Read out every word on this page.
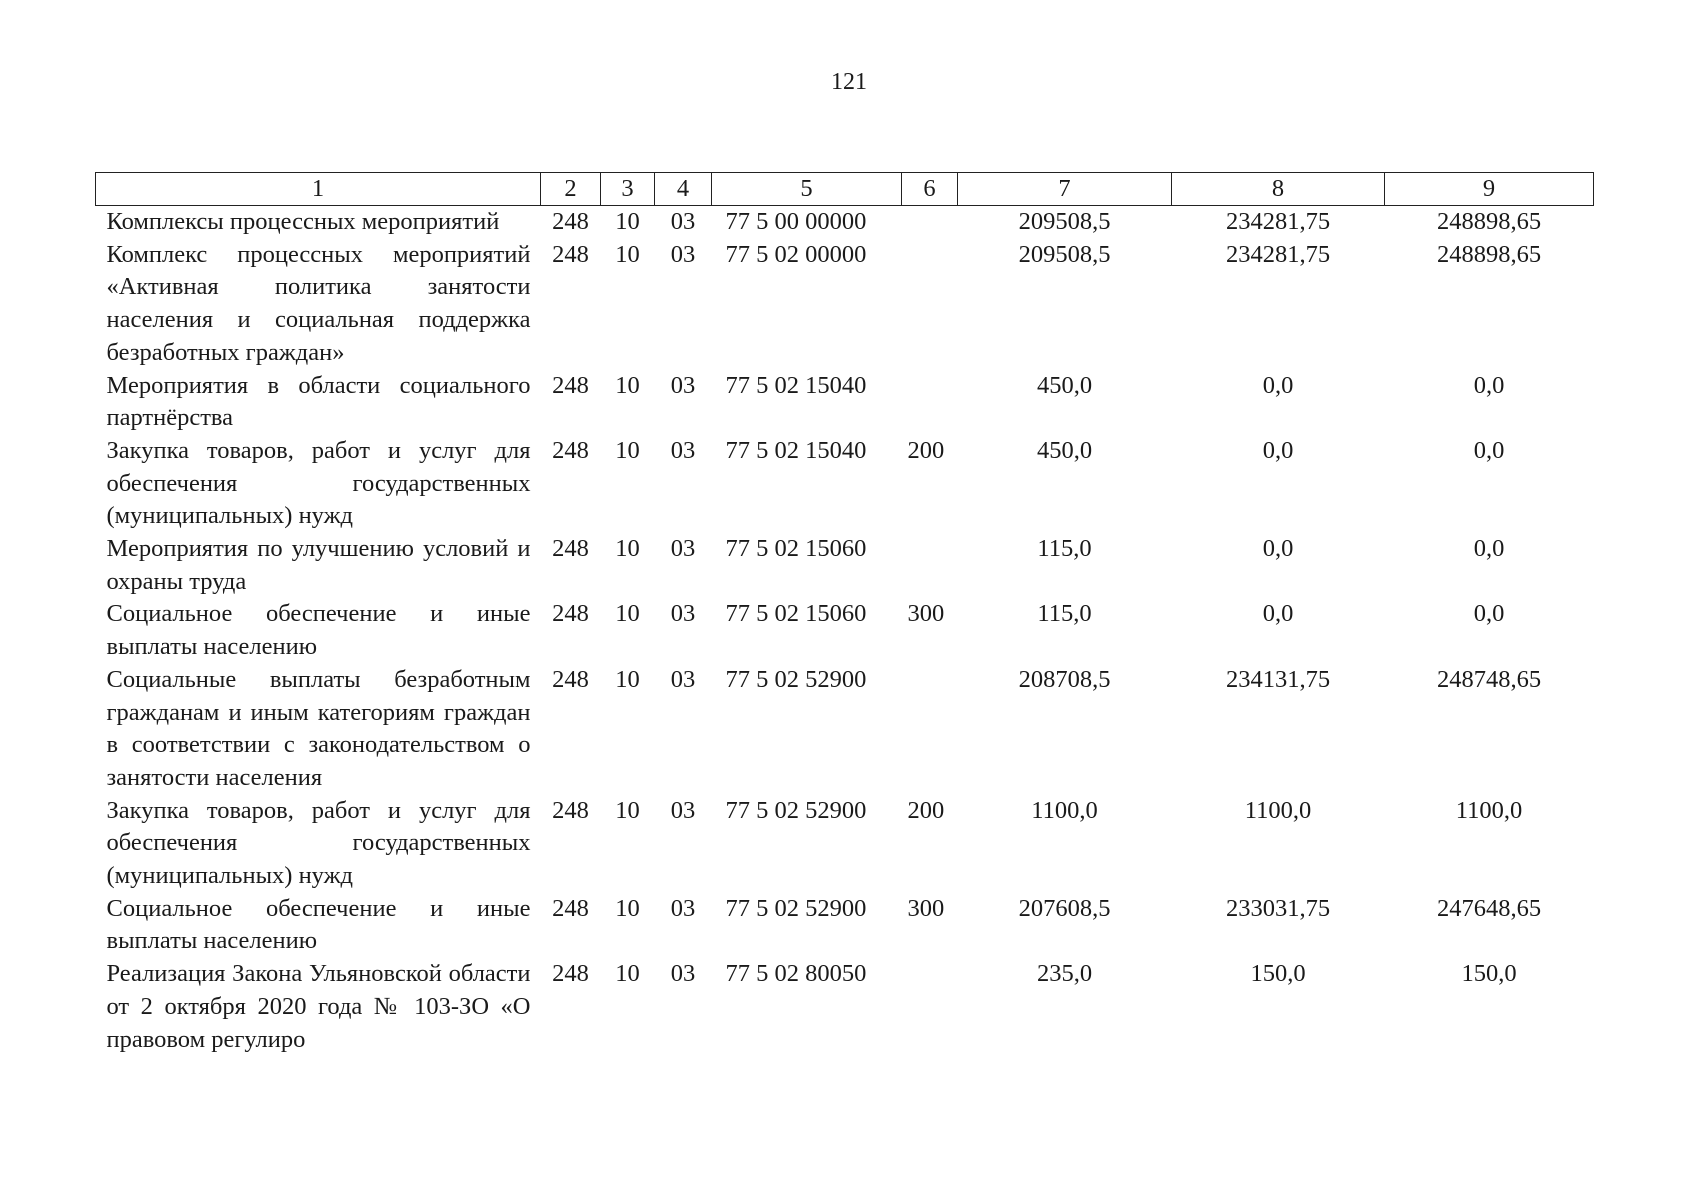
121
1	2	3	4	5	6	7	8	9
Комплексы процессных мероприятий	248	10	03	77 5 00 00000		209508,5	234281,75	248898,65
Комплекс процессных мероприятий «Активная политика занятости населения и социальная поддержка безработных граждан»	248	10	03	77 5 02 00000		209508,5	234281,75	248898,65
Мероприятия в области социального партнёрства	248	10	03	77 5 02 15040		450,0	0,0	0,0
Закупка товаров, работ и услуг для обеспечения государственных (муниципальных) нужд	248	10	03	77 5 02 15040	200	450,0	0,0	0,0
Мероприятия по улучшению условий и охраны труда	248	10	03	77 5 02 15060		115,0	0,0	0,0
Социальное обеспечение и иные выплаты населению	248	10	03	77 5 02 15060	300	115,0	0,0	0,0
Социальные выплаты безработным гражданам и иным категориям граждан в соответствии с законодательством о занятости населения	248	10	03	77 5 02 52900		208708,5	234131,75	248748,65
Закупка товаров, работ и услуг для обеспечения государственных (муниципальных) нужд	248	10	03	77 5 02 52900	200	1100,0	1100,0	1100,0
Социальное обеспечение и иные выплаты населению	248	10	03	77 5 02 52900	300	207608,5	233031,75	247648,65
Реализация Закона Ульяновской области от 2 октября 2020 года № 103-ЗО «О правовом регулиро	248	10	03	77 5 02 80050		235,0	150,0	150,0
